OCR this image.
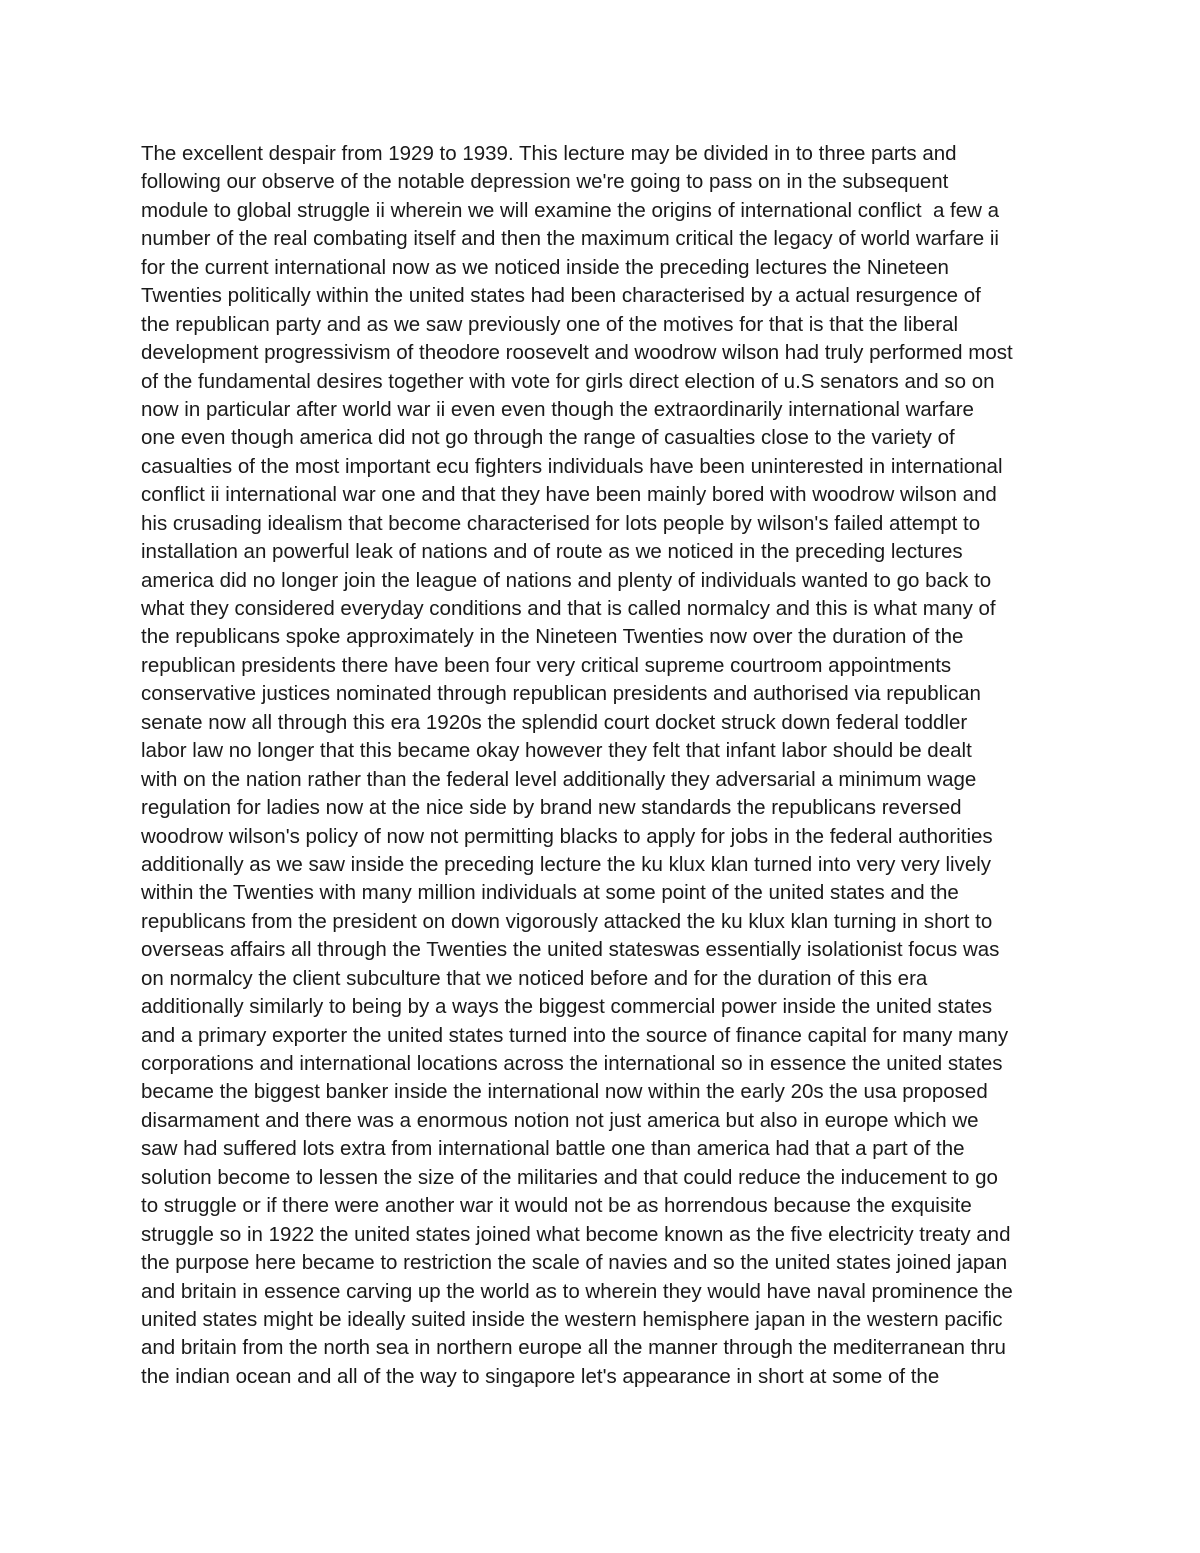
The excellent despair from 1929 to 1939. This lecture may be divided in to three parts and
following our observe of the notable depression we're going to pass on in the subsequent
module to global struggle ii wherein we will examine the origins of international conflict  a few a
number of the real combating itself and then the maximum critical the legacy of world warfare ii
for the current international now as we noticed inside the preceding lectures the Nineteen
Twenties politically within the united states had been characterised by a actual resurgence of
the republican party and as we saw previously one of the motives for that is that the liberal
development progressivism of theodore roosevelt and woodrow wilson had truly performed most
of the fundamental desires together with vote for girls direct election of u.S senators and so on
now in particular after world war ii even even though the extraordinarily international warfare
one even though america did not go through the range of casualties close to the variety of
casualties of the most important ecu fighters individuals have been uninterested in international
conflict ii international war one and that they have been mainly bored with woodrow wilson and
his crusading idealism that become characterised for lots people by wilson's failed attempt to
installation an powerful leak of nations and of route as we noticed in the preceding lectures
america did no longer join the league of nations and plenty of individuals wanted to go back to
what they considered everyday conditions and that is called normalcy and this is what many of
the republicans spoke approximately in the Nineteen Twenties now over the duration of the
republican presidents there have been four very critical supreme courtroom appointments
conservative justices nominated through republican presidents and authorised via republican
senate now all through this era 1920s the splendid court docket struck down federal toddler
labor law no longer that this became okay however they felt that infant labor should be dealt
with on the nation rather than the federal level additionally they adversarial a minimum wage
regulation for ladies now at the nice side by brand new standards the republicans reversed
woodrow wilson's policy of now not permitting blacks to apply for jobs in the federal authorities
additionally as we saw inside the preceding lecture the ku klux klan turned into very very lively
within the Twenties with many million individuals at some point of the united states and the
republicans from the president on down vigorously attacked the ku klux klan turning in short to
overseas affairs all through the Twenties the united stateswas essentially isolationist focus was
on normalcy the client subculture that we noticed before and for the duration of this era
additionally similarly to being by a ways the biggest commercial power inside the united states
and a primary exporter the united states turned into the source of finance capital for many many
corporations and international locations across the international so in essence the united states
became the biggest banker inside the international now within the early 20s the usa proposed
disarmament and there was a enormous notion not just america but also in europe which we
saw had suffered lots extra from international battle one than america had that a part of the
solution become to lessen the size of the militaries and that could reduce the inducement to go
to struggle or if there were another war it would not be as horrendous because the exquisite
struggle so in 1922 the united states joined what become known as the five electricity treaty and
the purpose here became to restriction the scale of navies and so the united states joined japan
and britain in essence carving up the world as to wherein they would have naval prominence the
united states might be ideally suited inside the western hemisphere japan in the western pacific
and britain from the north sea in northern europe all the manner through the mediterranean thru
the indian ocean and all of the way to singapore let's appearance in short at some of the
